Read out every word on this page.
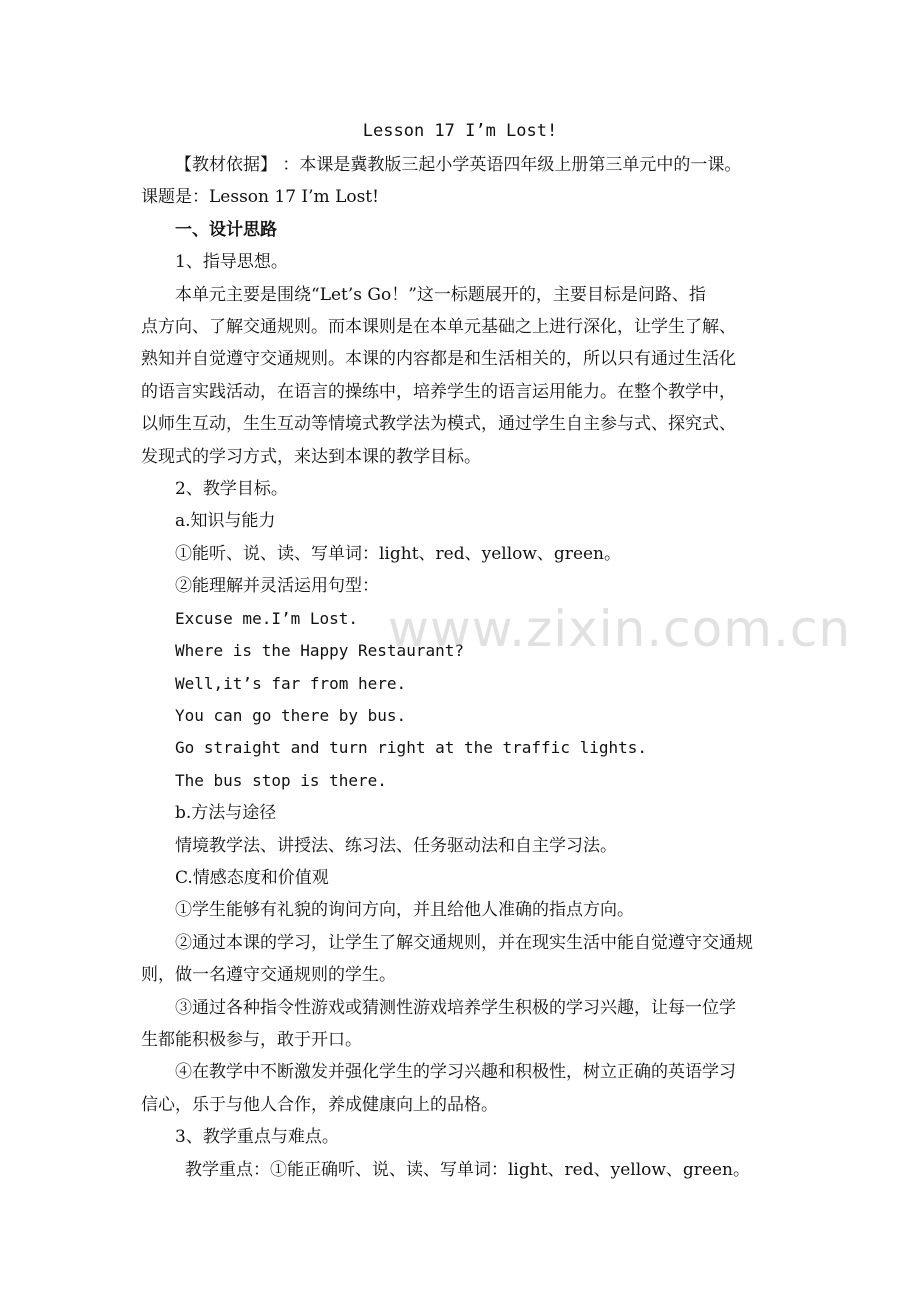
Lesson 17 I’m Lost!

【教材依据】 ：本课是冀教版三起小学英语四年级上册第三单元中的一课。

课题是：Lesson 17 I’m Lost!

一、设计思路

1、指导思想。

本单元主要是围绕“Let’s Go！”这一标题展开的，主要目标是问路、指

点方向、了解交通规则。而本课则是在本单元基础之上进行深化，让学生了解、

熟知并自觉遵守交通规则。本课的内容都是和生活相关的，所以只有通过生活化

的语言实践活动，在语言的操练中，培养学生的语言运用能力。在整个教学中，

以师生互动，生生互动等情境式教学法为模式，通过学生自主参与式、探究式、

发现式的学习方式，来达到本课的教学目标。

2、教学目标。

a.知识与能力

①能听、说、读、写单词：light、red、yellow、green。

②能理解并灵活运用句型：

Excuse me.I’m Lost.

Where is the Happy Restaurant?

Well,it’s far from here.

You can go there by bus.

Go straight and turn right at the traffic lights.

The bus stop is there.

b.方法与途径

情境教学法、讲授法、练习法、任务驱动法和自主学习法。

C.情感态度和价值观

①学生能够有礼貌的询问方向，并且给他人准确的指点方向。

②通过本课的学习，让学生了解交通规则，并在现实生活中能自觉遵守交通规

则，做一名遵守交通规则的学生。

③通过各种指令性游戏或猜测性游戏培养学生积极的学习兴趣，让每一位学

生都能积极参与，敢于开口。

④在教学中不断激发并强化学生的学习兴趣和积极性，树立正确的英语学习

信心，乐于与他人合作，养成健康向上的品格。

3、教学重点与难点。

教学重点：①能正确听、说、读、写单词：light、red、yellow、green。

www.zixin.com.cn
